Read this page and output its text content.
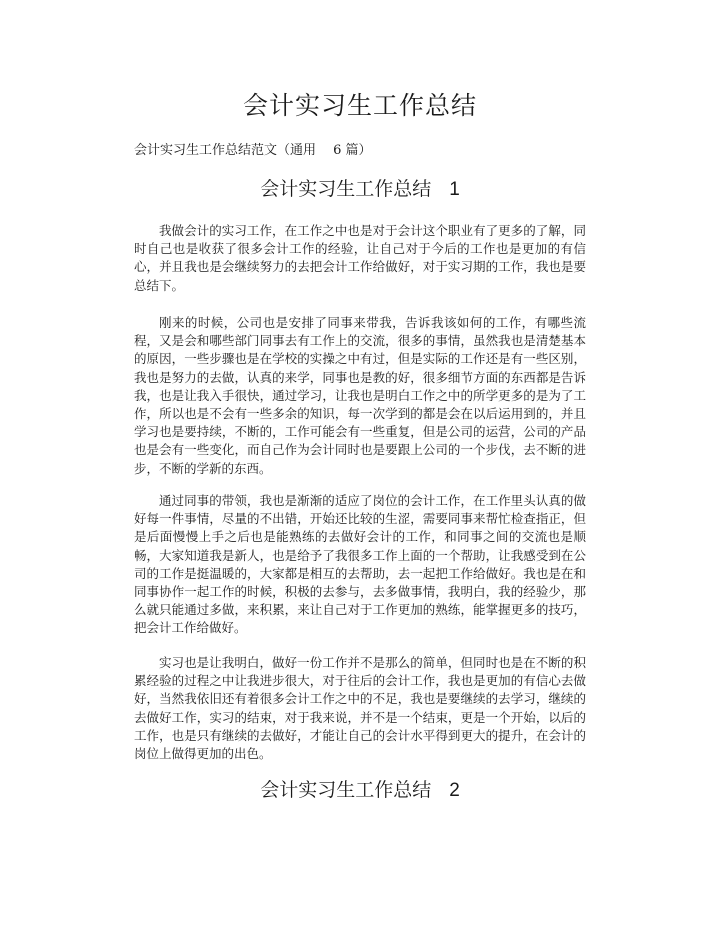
会计实习生工作总结

会计实习生工作总结范文（通用　 6 篇）

会计实习生工作总结 1

我做会计的实习工作，在工作之中也是对于会计这个职业有了更多的了解，同时自己也是收获了很多会计工作的经验，让自己对于今后的工作也是更加的有信心，并且我也是会继续努力的去把会计工作给做好，对于实习期的工作，我也是要总结下。

刚来的时候，公司也是安排了同事来带我，告诉我该如何的工作，有哪些流程，又是会和哪些部门同事去有工作上的交流，很多的事情，虽然我也是清楚基本的原因，一些步骤也是在学校的实操之中有过，但是实际的工作还是有一些区别，我也是努力的去做，认真的来学，同事也是教的好，很多细节方面的东西都是告诉我，也是让我入手很快，通过学习，让我也是明白工作之中的所学更多的是为了工作，所以也是不会有一些多余的知识，每一次学到的都是会在以后运用到的，并且学习也是要持续，不断的，工作可能会有一些重复，但是公司的运营，公司的产品也是会有一些变化，而自己作为会计同时也是要跟上公司的一个步伐，去不断的进步，不断的学新的东西。

通过同事的带领，我也是渐渐的适应了岗位的会计工作，在工作里头认真的做好每一件事情，尽量的不出错，开始还比较的生涩，需要同事来帮忙检查指正，但是后面慢慢上手之后也是能熟练的去做好会计的工作，和同事之间的交流也是顺畅，大家知道我是新人，也是给予了我很多工作上面的一个帮助，让我感受到在公司的工作是挺温暖的，大家都是相互的去帮助，去一起把工作给做好。我也是在和同事协作一起工作的时候，积极的去参与，去多做事情，我明白，我的经验少，那么就只能通过多做，来积累，来让自己对于工作更加的熟练，能掌握更多的技巧，把会计工作给做好。

实习也是让我明白，做好一份工作并不是那么的简单，但同时也是在不断的积累经验的过程之中让我进步很大，对于往后的会计工作，我也是更加的有信心去做好，当然我依旧还有着很多会计工作之中的不足，我也是要继续的去学习，继续的去做好工作，实习的结束，对于我来说，并不是一个结束，更是一个开始，以后的工作，也是只有继续的去做好，才能让自己的会计水平得到更大的提升，在会计的岗位上做得更加的出色。

会计实习生工作总结 2
